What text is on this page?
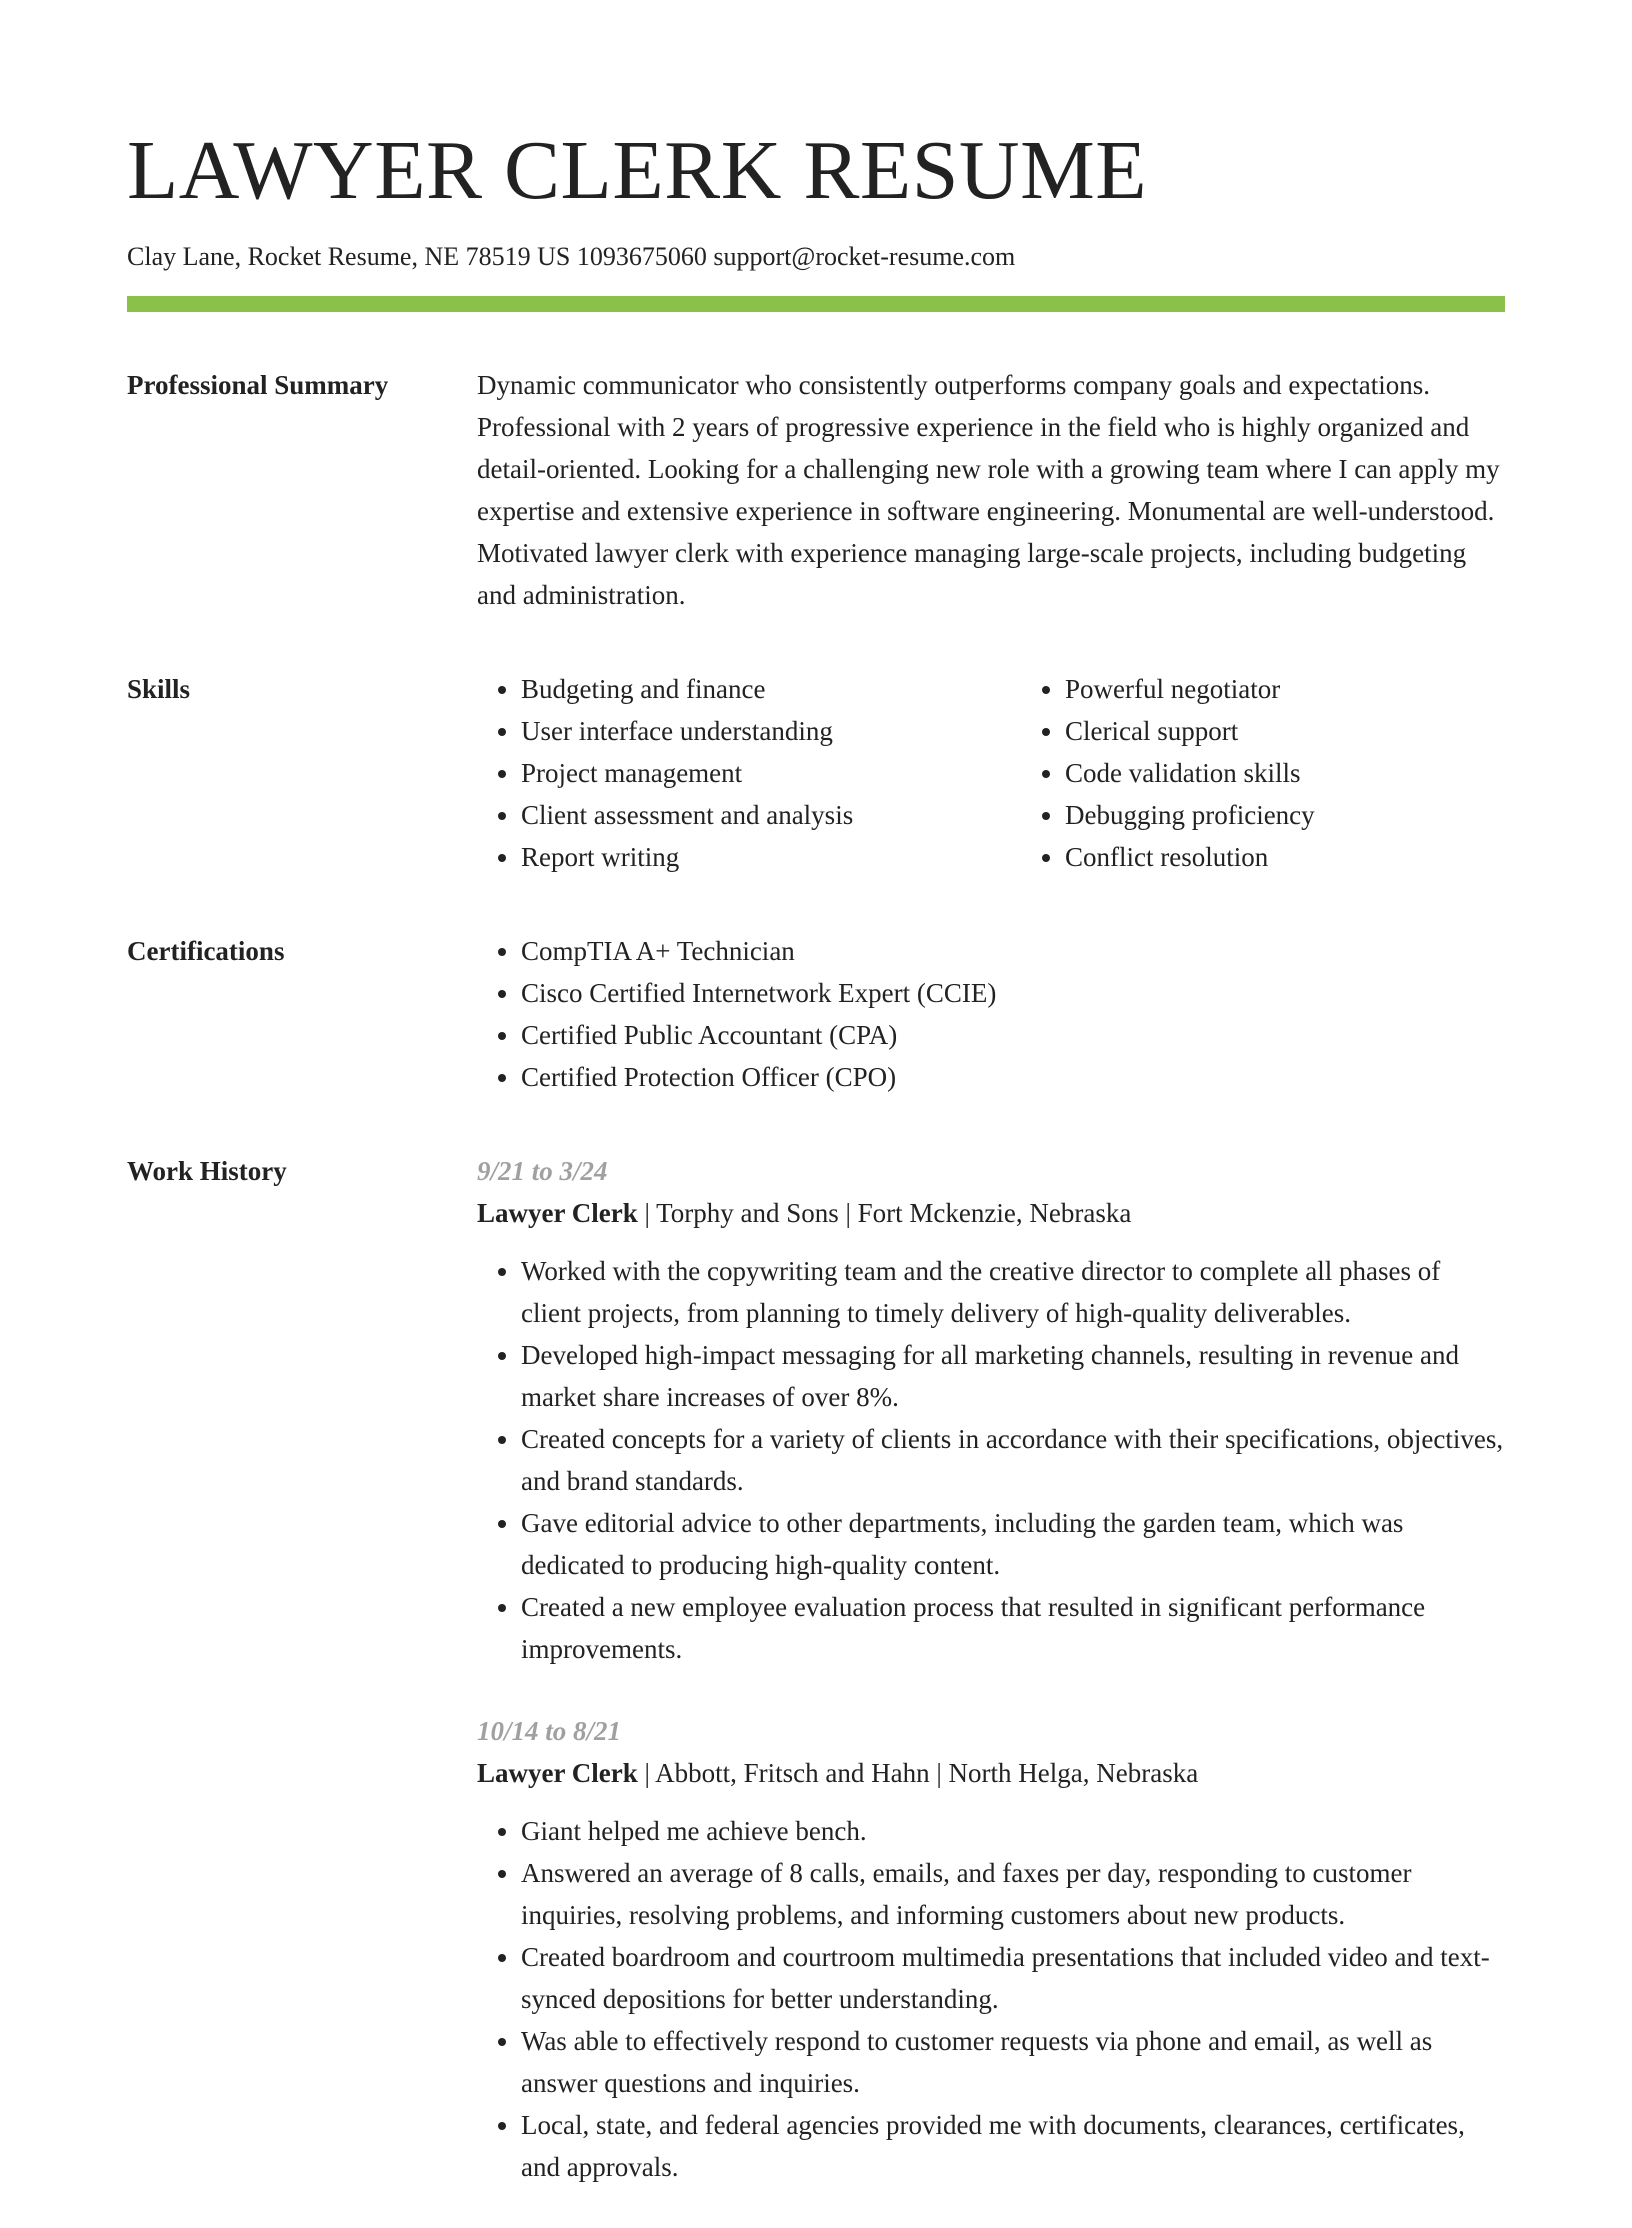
LAWYER CLERK RESUME
Clay Lane, Rocket Resume, NE 78519 US 1093675060 support@rocket-resume.com
Professional Summary	Dynamic communicator who consistently outperforms company goals and expectations. Professional with 2 years of progressive experience in the field who is highly organized and detail-oriented. Looking for a challenging new role with a growing team where I can apply my expertise and extensive experience in software engineering. Monumental are well-understood. Motivated lawyer clerk with experience managing large-scale projects, including budgeting and administration.

Skills	• Budgeting and finance
• User interface understanding
• Project management
• Client assessment and analysis
• Report writing
• Powerful negotiator
• Clerical support
• Code validation skills
• Debugging proficiency
• Conflict resolution
Certifications	• CompTIA A+ Technician
• Cisco Certified Internetwork Expert (CCIE)
• Certified Public Accountant (CPA)
• Certified Protection Officer (CPO)
Work History	9/21 to 3/24
Lawyer Clerk | Torphy and Sons | Fort Mckenzie, Nebraska
• Worked with the copywriting team and the creative director to complete all phases of client projects, from planning to timely delivery of high-quality deliverables.
• Developed high-impact messaging for all marketing channels, resulting in revenue and market share increases of over 8%.
• Created concepts for a variety of clients in accordance with their specifications, objectives, and brand standards.
• Gave editorial advice to other departments, including the garden team, which was dedicated to producing high-quality content.
• Created a new employee evaluation process that resulted in significant performance improvements.
10/14 to 8/21
Lawyer Clerk | Abbott, Fritsch and Hahn | North Helga, Nebraska
• Giant helped me achieve bench.
• Answered an average of 8 calls, emails, and faxes per day, responding to customer inquiries, resolving problems, and informing customers about new products.
• Created boardroom and courtroom multimedia presentations that included video and text-synced depositions for better understanding.
• Was able to effectively respond to customer requests via phone and email, as well as answer questions and inquiries.
• Local, state, and federal agencies provided me with documents, clearances, certificates, and approvals.
